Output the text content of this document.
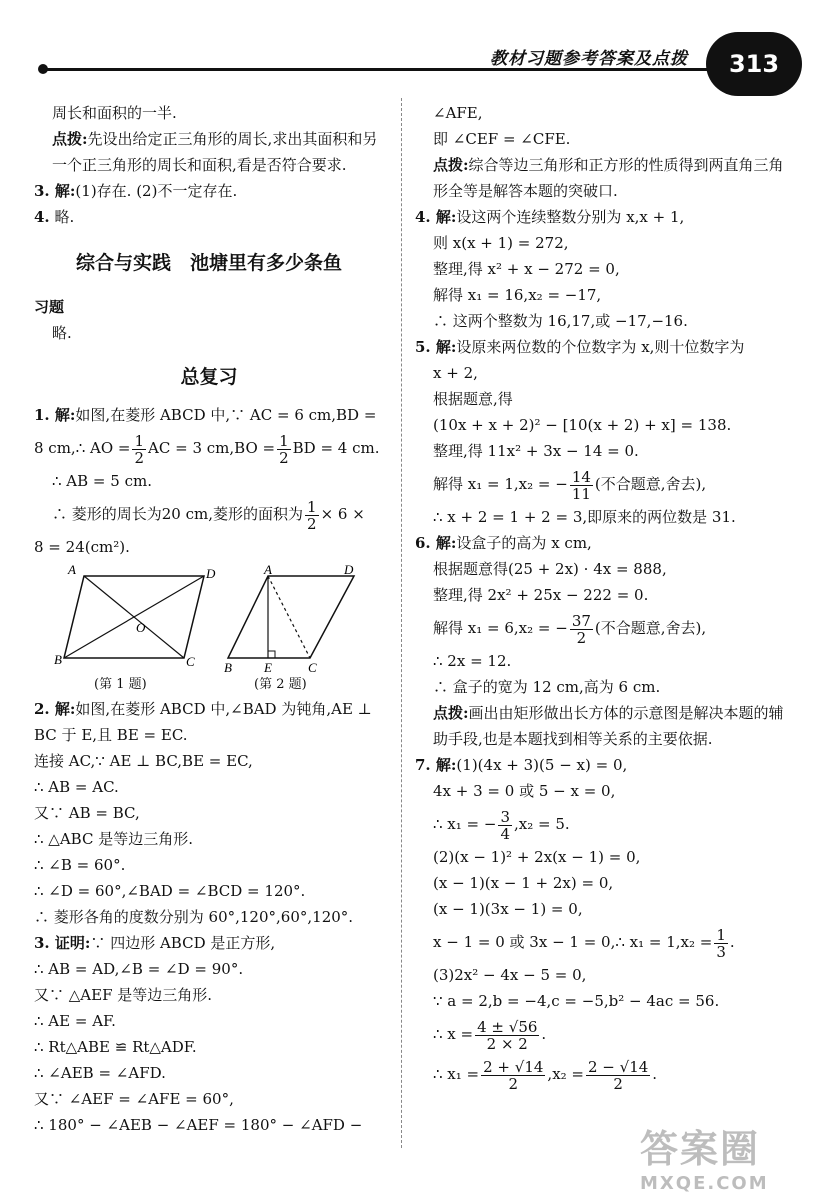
教材习题参考答案及点拨	313

周长和面积的一半.

点拨:先设出给定正三角形的周长,求出其面积和另一个正三角形的周长和面积,看是否符合要求.

3. 解:(1)存在. (2)不一定存在.

4. 略.

综合与实践　池塘里有多少条鱼

习题

略.

总复习

1. 解:如图,在菱形 ABCD 中,∵ AC = 6 cm,BD =

8 cm,∴ AO = $\frac{1}{2}$ AC = 3 $cm,BO = \frac{1}{2}$ BD = 4 cm.

∴ AB = 5 cm.

∴ 菱形的周长为20 cm,菱形的面积为 $\frac{1}{2} \times 6$ ×

8 = 24(cm²).

A	D
B	C
O
A	D
B E	C
(第 1 题)	(第 2 题)

2. 解:如图,在菱形 ABCD 中,∠BAD 为钝角,AE ⊥

BC 于 E,且 BE = EC.

连接 AC,∵ AE ⊥ BC,BE = EC,

∴ AB = AC.

又∵ AB = BC,

∴ △ABC 是等边三角形.

∴ ∠B = 60°.

∴ ∠D = 60°,∠BAD = ∠BCD = 120°.

∴ 菱形各角的度数分别为 60°,120°,60°,120°.

3. 证明:∵ 四边形 ABCD 是正方形,

∴ AB = AD,∠B = ∠D = 90°.

又∵ △AEF 是等边三角形.

∴ AE = AF.

∴ Rt△ABE ≌ Rt△ADF.

∴ ∠AEB = ∠AFD.

又∵ ∠AEF = ∠AFE = 60°,

∴ 180° − ∠AEB − ∠AEF = 180° − ∠AFD −

∠AFE,

即 ∠CEF = ∠CFE.

点拨:综合等边三角形和正方形的性质得到两直角三角形全等是解答本题的突破口.

4. 解:设这两个连续整数分别为 x,x + 1,

则 x(x + 1) = 272,

整理,得 x² + x − 272 = 0,

解得 x₁ = 16,x₂ = −17,

∴ 这两个整数为 16,17,或 −17,−16.

5. 解:设原来两位数的个位数字为 x,则十位数字为

x + 2,

根据题意,得

(10x + x + 2)² − [10(x + 2) + x] = 138.

整理,得 11x² + 3x − 14 = 0.

解得 x₁ = 1,x₂ = − $\frac{14}{11}$ (不合题意,舍去),

∴ x + 2 = 1 + 2 = 3,即原来的两位数是 31.

6. 解:设盒子的高为 x cm,

根据题意得(25 + 2x) · 4x = 888,

整理,得 2x² + 25x − 222 = 0.

解得 x₁ = 6,x₂ = − $\frac{37}{2}$ (不合题意,舍去),

∴ 2x = 12.

∴ 盒子的宽为 12 cm,高为 6 cm.

点拨:画出由矩形做出长方体的示意图是解决本题的辅助手段,也是本题找到相等关系的主要依据.

7. 解:(1)(4x + 3)(5 − x) = 0,

4x + 3 = 0 或 5 − x = 0,

∴ x₁ = − $\frac{3}{4} ,x_2 = 5$.

(2)(x − 1)² + 2x(x − 1) = 0,

(x − 1)(x − 1 + 2x) = 0,

(x − 1)(3x − 1) = 0,

x − 1 = 0 或 3x − 1 = 0,∴ $x_1 = 1,x_2 = \frac{1}{3}$ .

(3)2x² − 4x − 5 = 0,

∵ a = 2,b = −4,c = −5,b² − 4ac = 56.

∴ $x = \frac{4 \pm √56}{2 \times 2}$ .

∴ $x_1 = \frac{2 + √14}{2} ,x_2 = \frac{2 - √14}{2}$ .

答案圈
MXQE.COM
